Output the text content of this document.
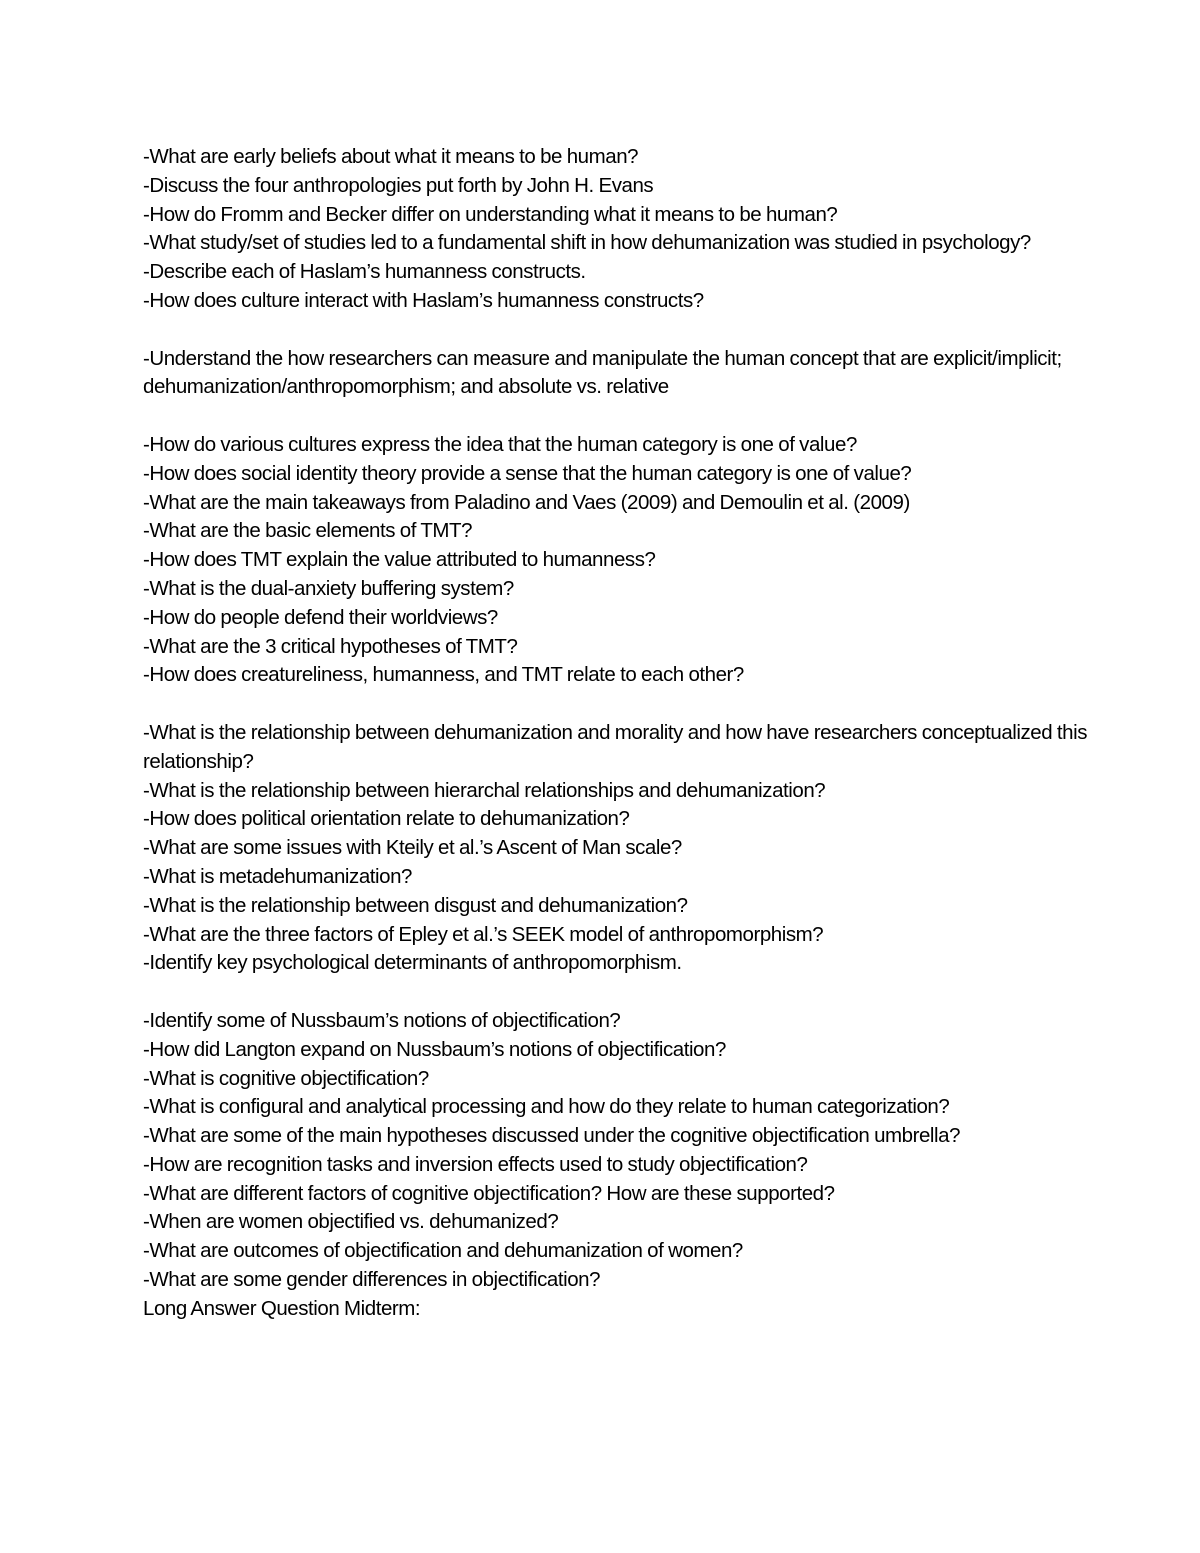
-What are early beliefs about what it means to be human?
-Discuss the four anthropologies put forth by John H. Evans
-How do Fromm and Becker differ on understanding what it means to be human?
-What study/set of studies led to a fundamental shift in how dehumanization was studied in psychology?
-Describe each of Haslam’s humanness constructs.
-How does culture interact with Haslam’s humanness constructs?
-Understand the how researchers can measure and manipulate the human concept that are explicit/implicit; dehumanization/anthropomorphism; and absolute vs. relative
-How do various cultures express the idea that the human category is one of value?
-How does social identity theory provide a sense that the human category is one of value?
-What are the main takeaways from Paladino and Vaes (2009) and Demoulin et al. (2009)
-What are the basic elements of TMT?
-How does TMT explain the value attributed to humanness?
-What is the dual-anxiety buffering system?
-How do people defend their worldviews?
-What are the 3 critical hypotheses of TMT?
-How does creatureliness, humanness, and TMT relate to each other?
-What is the relationship between dehumanization and morality and how have researchers conceptualized this relationship?
-What is the relationship between hierarchal relationships and dehumanization?
-How does political orientation relate to dehumanization?
-What are some issues with Kteily et al.’s Ascent of Man scale?
-What is metadehumanization?
-What is the relationship between disgust and dehumanization?
-What are the three factors of Epley et al.’s SEEK model of anthropomorphism?
-Identify key psychological determinants of anthropomorphism.
-Identify some of Nussbaum’s notions of objectification?
-How did Langton expand on Nussbaum’s notions of objectification?
-What is cognitive objectification?
-What is configural and analytical processing and how do they relate to human categorization?
-What are some of the main hypotheses discussed under the cognitive objectification umbrella?
-How are recognition tasks and inversion effects used to study objectification?
-What are different factors of cognitive objectification? How are these supported?
-When are women objectified vs. dehumanized?
-What are outcomes of objectification and dehumanization of women?
-What are some gender differences in objectification?
Long Answer Question Midterm:
